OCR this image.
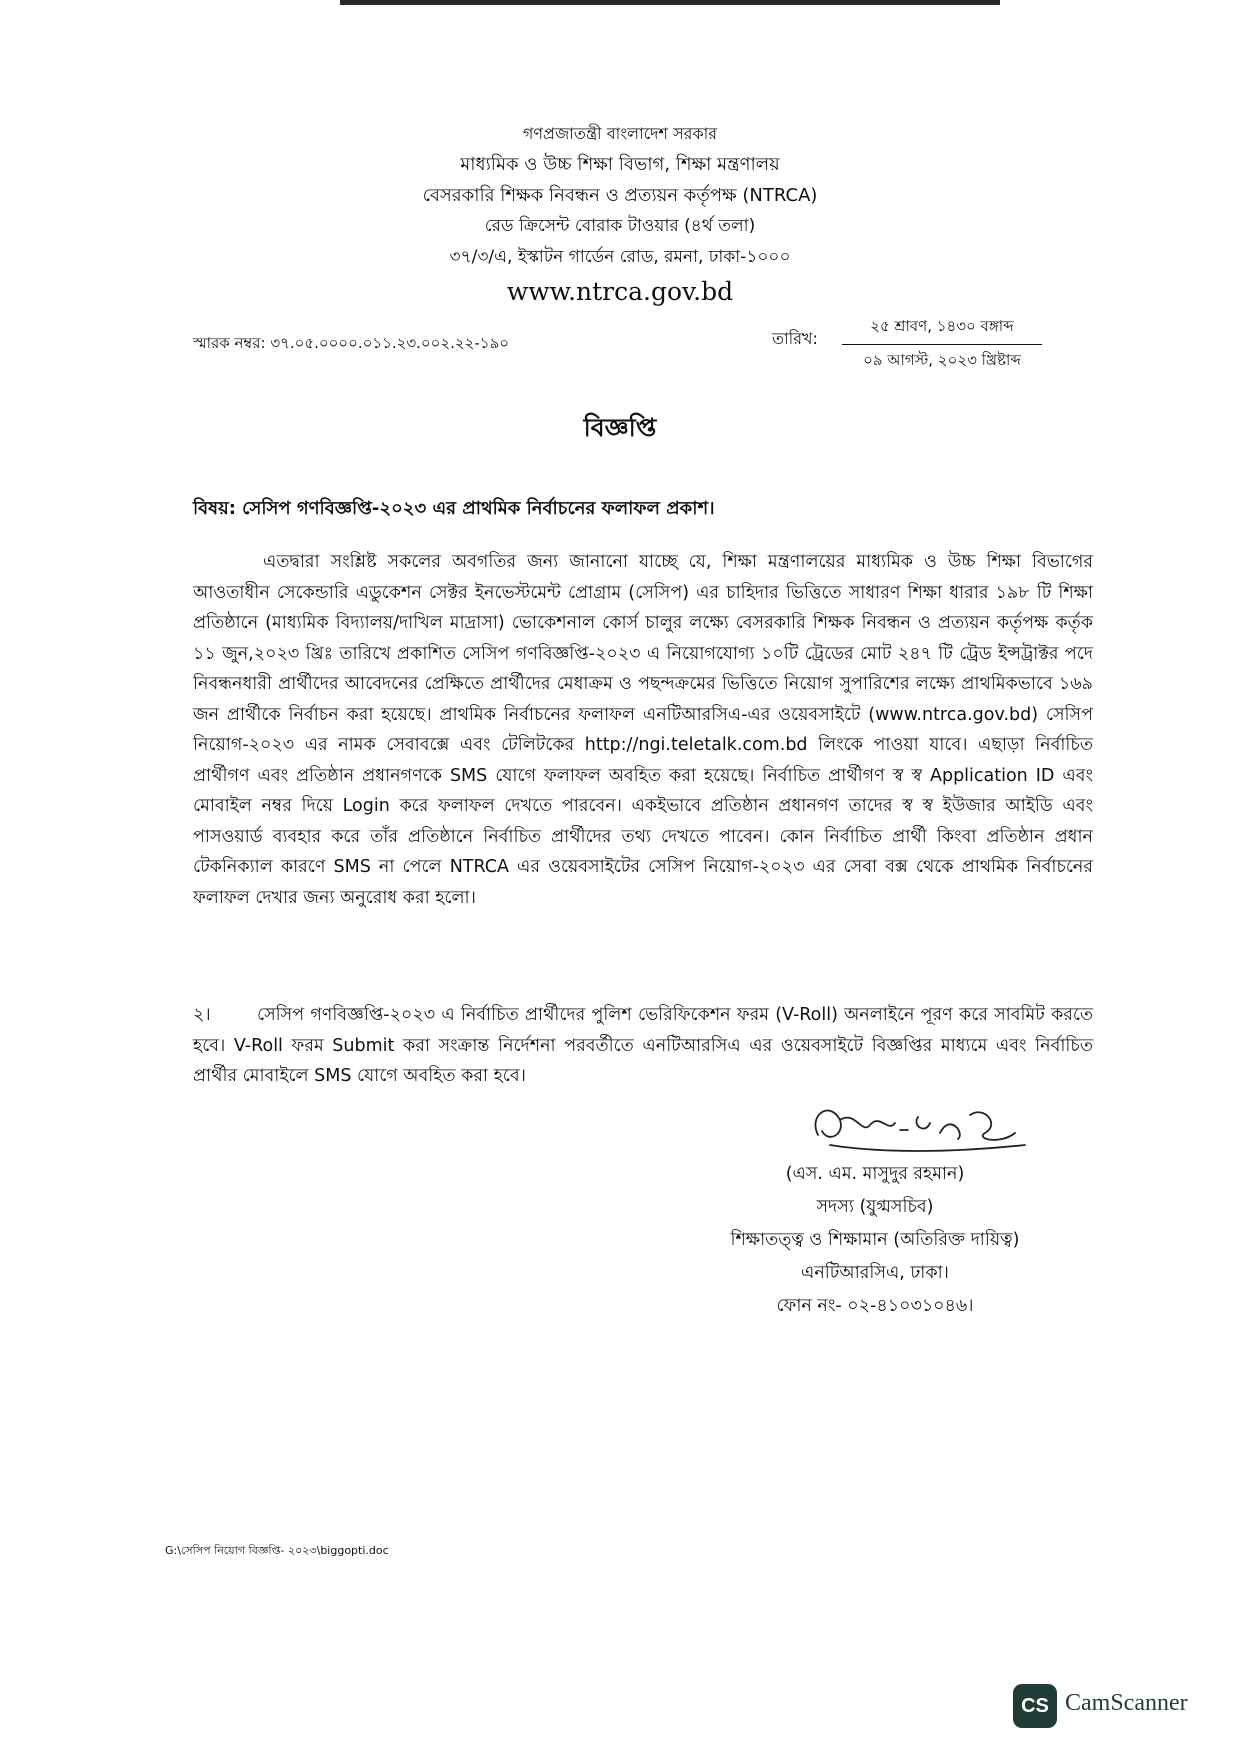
গণপ্রজাতন্ত্রী বাংলাদেশ সরকার
মাধ্যমিক ও উচ্চ শিক্ষা বিভাগ, শিক্ষা মন্ত্রণালয়
বেসরকারি শিক্ষক নিবন্ধন ও প্রত্যয়ন কর্তৃপক্ষ (NTRCA)
রেড ক্রিসেন্ট বোরাক টাওয়ার (৪র্থ তলা)
৩৭/৩/এ, ইস্কাটন গার্ডেন রোড, রমনা, ঢাকা-১০০০
www.ntrca.gov.bd
স্মারক নম্বর: ৩৭.০৫.০০০০.০১১.২৩.০০২.২২-১৯০	তারিখ:
২৫ শ্রাবণ, ১৪৩০ বঙ্গাব্দ
০৯ আগস্ট, ২০২৩ খ্রিষ্টাব্দ
বিজ্ঞপ্তি
বিষয়: সেসিপ গণবিজ্ঞপ্তি-২০২৩ এর প্রাথমিক নির্বাচনের ফলাফল প্রকাশ।
এতদ্বারা সংশ্লিষ্ট সকলের অবগতির জন্য জানানো যাচ্ছে যে, শিক্ষা মন্ত্রণালয়ের মাধ্যমিক ও উচ্চ শিক্ষা বিভাগের আওতাধীন সেকেন্ডারি এডুকেশন সেক্টর ইনভেস্টমেন্ট প্রোগ্রাম (সেসিপ) এর চাহিদার ভিত্তিতে সাধারণ শিক্ষা ধারার ১৯৮ টি শিক্ষা প্রতিষ্ঠানে (মাধ্যমিক বিদ্যালয়/দাখিল মাদ্রাসা) ভোকেশনাল কোর্স চালুর লক্ষ্যে বেসরকারি শিক্ষক নিবন্ধন ও প্রত্যয়ন কর্তৃপক্ষ কর্তৃক ১১ জুন,২০২৩ খ্রিঃ তারিখে প্রকাশিত সেসিপ গণবিজ্ঞপ্তি-২০২৩ এ নিয়োগযোগ্য ১০টি ট্রেডের মোট ২৪৭ টি ট্রেড ইন্সট্রাক্টর পদে নিবন্ধনধারী প্রার্থীদের আবেদনের প্রেক্ষিতে প্রার্থীদের মেধাক্রম ও পছন্দক্রমের ভিত্তিতে নিয়োগ সুপারিশের লক্ষ্যে প্রাথমিকভাবে ১৬৯ জন প্রার্থীকে নির্বাচন করা হয়েছে। প্রাথমিক নির্বাচনের ফলাফল এনটিআরসিএ-এর ওয়েবসাইটে (www.ntrca.gov.bd) সেসিপ নিয়োগ-২০২৩ এর নামক সেবাবক্সে এবং টেলিটকের http://ngi.teletalk.com.bd লিংকে পাওয়া যাবে। এছাড়া নির্বাচিত প্রার্থীগণ এবং প্রতিষ্ঠান প্রধানগণকে SMS যোগে ফলাফল অবহিত করা হয়েছে। নির্বাচিত প্রার্থীগণ স্ব স্ব Application ID এবং মোবাইল নম্বর দিয়ে Login করে ফলাফল দেখতে পারবেন। একইভাবে প্রতিষ্ঠান প্রধানগণ তাদের স্ব স্ব ইউজার আইডি এবং পাসওয়ার্ড ব্যবহার করে তাঁর প্রতিষ্ঠানে নির্বাচিত প্রার্থীদের তথ্য দেখতে পাবেন। কোন নির্বাচিত প্রার্থী কিংবা প্রতিষ্ঠান প্রধান টেকনিক্যাল কারণে SMS না পেলে NTRCA এর ওয়েবসাইটের সেসিপ নিয়োগ-২০২৩ এর সেবা বক্স থেকে প্রাথমিক নির্বাচনের ফলাফল দেখার জন্য অনুরোধ করা হলো।
২।	সেসিপ গণবিজ্ঞপ্তি-২০২৩ এ নির্বাচিত প্রার্থীদের পুলিশ ভেরিফিকেশন ফরম (V-Roll) অনলাইনে পূরণ করে সাবমিট করতে হবে। V-Roll ফরম Submit করা সংক্রান্ত নির্দেশনা পরবর্তীতে এনটিআরসিএ এর ওয়েবসাইটে বিজ্ঞপ্তির মাধ্যমে এবং নির্বাচিত প্রার্থীর মোবাইলে SMS যোগে অবহিত করা হবে।
(এস. এম. মাসুদুর রহমান)
সদস্য (যুগ্মসচিব)
শিক্ষাতত্ত্ব ও শিক্ষামান (অতিরিক্ত দায়িত্ব)
এনটিআরসিএ, ঢাকা।
ফোন নং- ০২-৪১০৩১০৪৬।
G:\সেসিপ নিয়োগ বিজ্ঞপ্তি- ২০২৩\biggopti.doc
CS CamScanner
